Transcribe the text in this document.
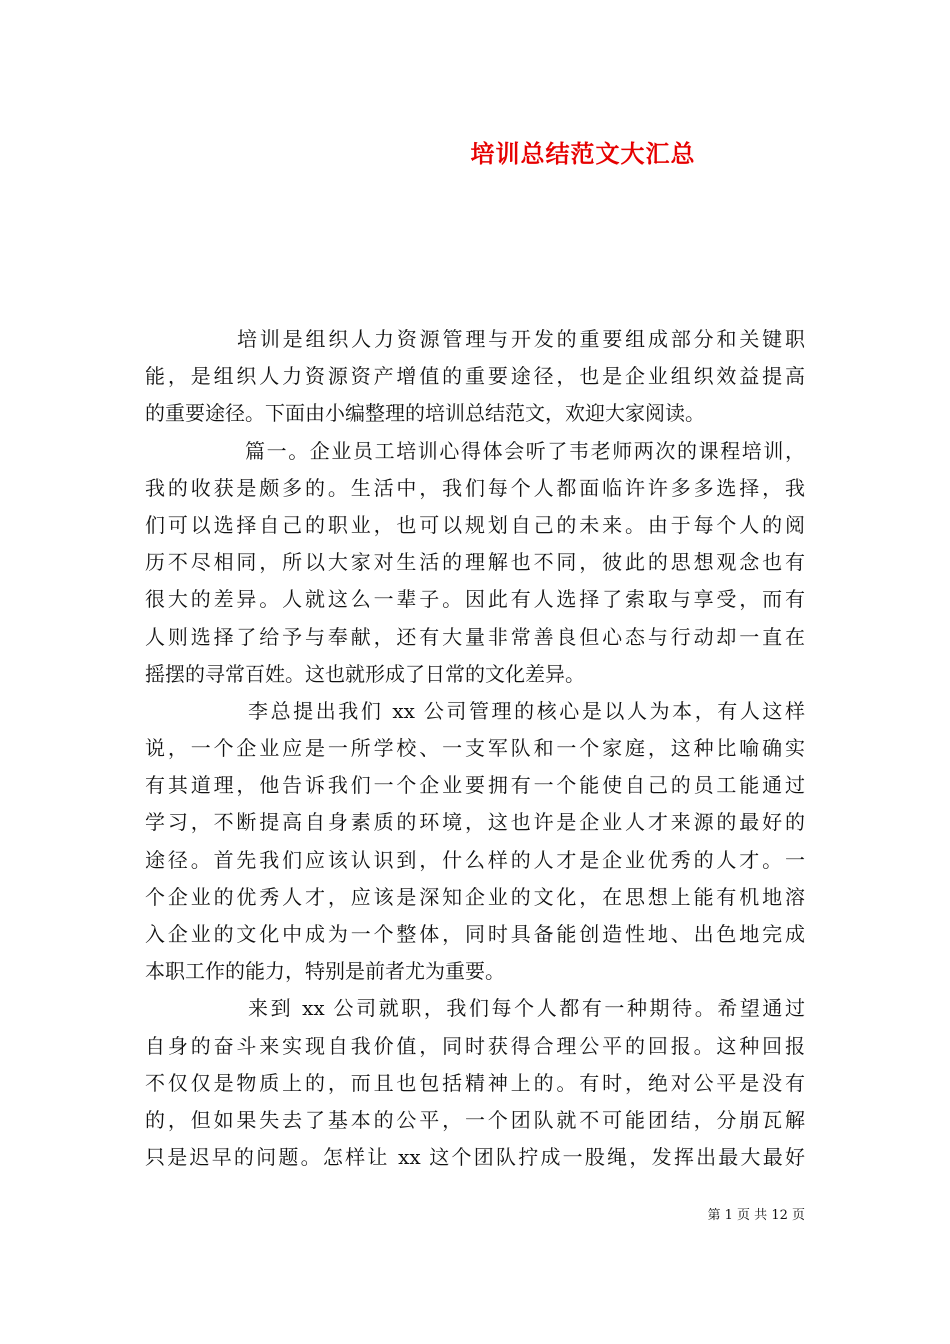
培训总结范文大汇总
培训是组织人力资源管理与开发的重要组成部分和关键职
能，是组织人力资源资产增值的重要途径，也是企业组织效益提高
的重要途径。下面由小编整理的培训总结范文，欢迎大家阅读。
篇一。企业员工培训心得体会听了韦老师两次的课程培训，
我的收获是颇多的。生活中，我们每个人都面临许许多多选择，我
们可以选择自己的职业，也可以规划自己的未来。由于每个人的阅
历不尽相同，所以大家对生活的理解也不同，彼此的思想观念也有
很大的差异。人就这么一辈子。因此有人选择了索取与享受，而有
人则选择了给予与奉献，还有大量非常善良但心态与行动却一直在
摇摆的寻常百姓。这也就形成了日常的文化差异。
李总提出我们 xx 公司管理的核心是以人为本，有人这样
说，一个企业应是一所学校、一支军队和一个家庭，这种比喻确实
有其道理，他告诉我们一个企业要拥有一个能使自己的员工能通过
学习，不断提高自身素质的环境，这也许是企业人才来源的最好的
途径。首先我们应该认识到，什么样的人才是企业优秀的人才。一
个企业的优秀人才，应该是深知企业的文化，在思想上能有机地溶
入企业的文化中成为一个整体，同时具备能创造性地、出色地完成
本职工作的能力，特别是前者尤为重要。
来到 xx 公司就职，我们每个人都有一种期待。希望通过
自身的奋斗来实现自我价值，同时获得合理公平的回报。这种回报
不仅仅是物质上的，而且也包括精神上的。有时，绝对公平是没有
的，但如果失去了基本的公平，一个团队就不可能团结，分崩瓦解
只是迟早的问题。怎样让 xx 这个团队拧成一股绳，发挥出最大最好
第 1 页 共 12 页
